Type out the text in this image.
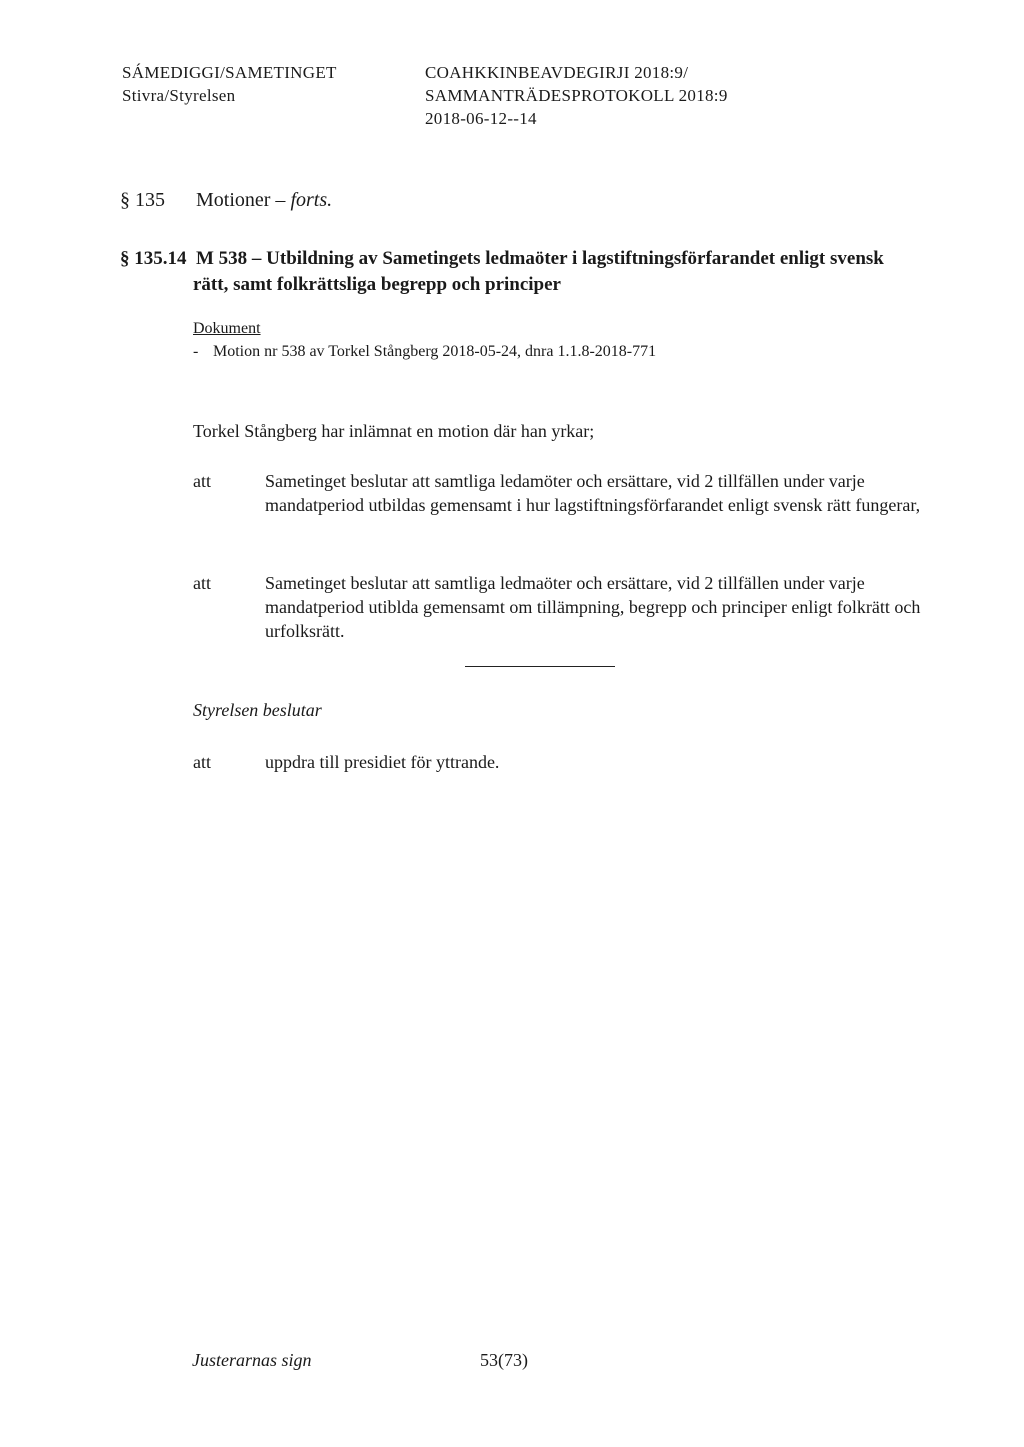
SÁMEDIGGI/SAMETINGET
Stivra/Styrelsen
COAHKKINBEAVDEGIRJI 2018:9/
SAMMANTRÄDESPROTOKOLL 2018:9
2018-06-12--14
§ 135 Motioner – forts.
§ 135.14 M 538 – Utbildning av Sametingets ledmaöter i lagstiftningsförfarandet enligt svensk
rätt, samt folkrättsliga begrepp och principer
Dokument
- Motion nr 538 av Torkel Stångberg 2018-05-24, dnra 1.1.8-2018-771
Torkel Stångberg har inlämnat en motion där han yrkar;
att	Sametinget beslutar att samtliga ledamöter och ersättare, vid 2 tillfällen under varje mandatperiod utbildas gemensamt i hur lagstiftningsförfarandet enligt svensk rätt fungerar,
att	Sametinget beslutar att samtliga ledmaöter och ersättare, vid 2 tillfällen under varje mandatperiod utiblda gemensamt om tillämpning, begrepp och principer enligt folkrätt och urfolksrätt.
Styrelsen beslutar
att	uppdra till presidiet för yttrande.
Justerarnas sign	53(73)
